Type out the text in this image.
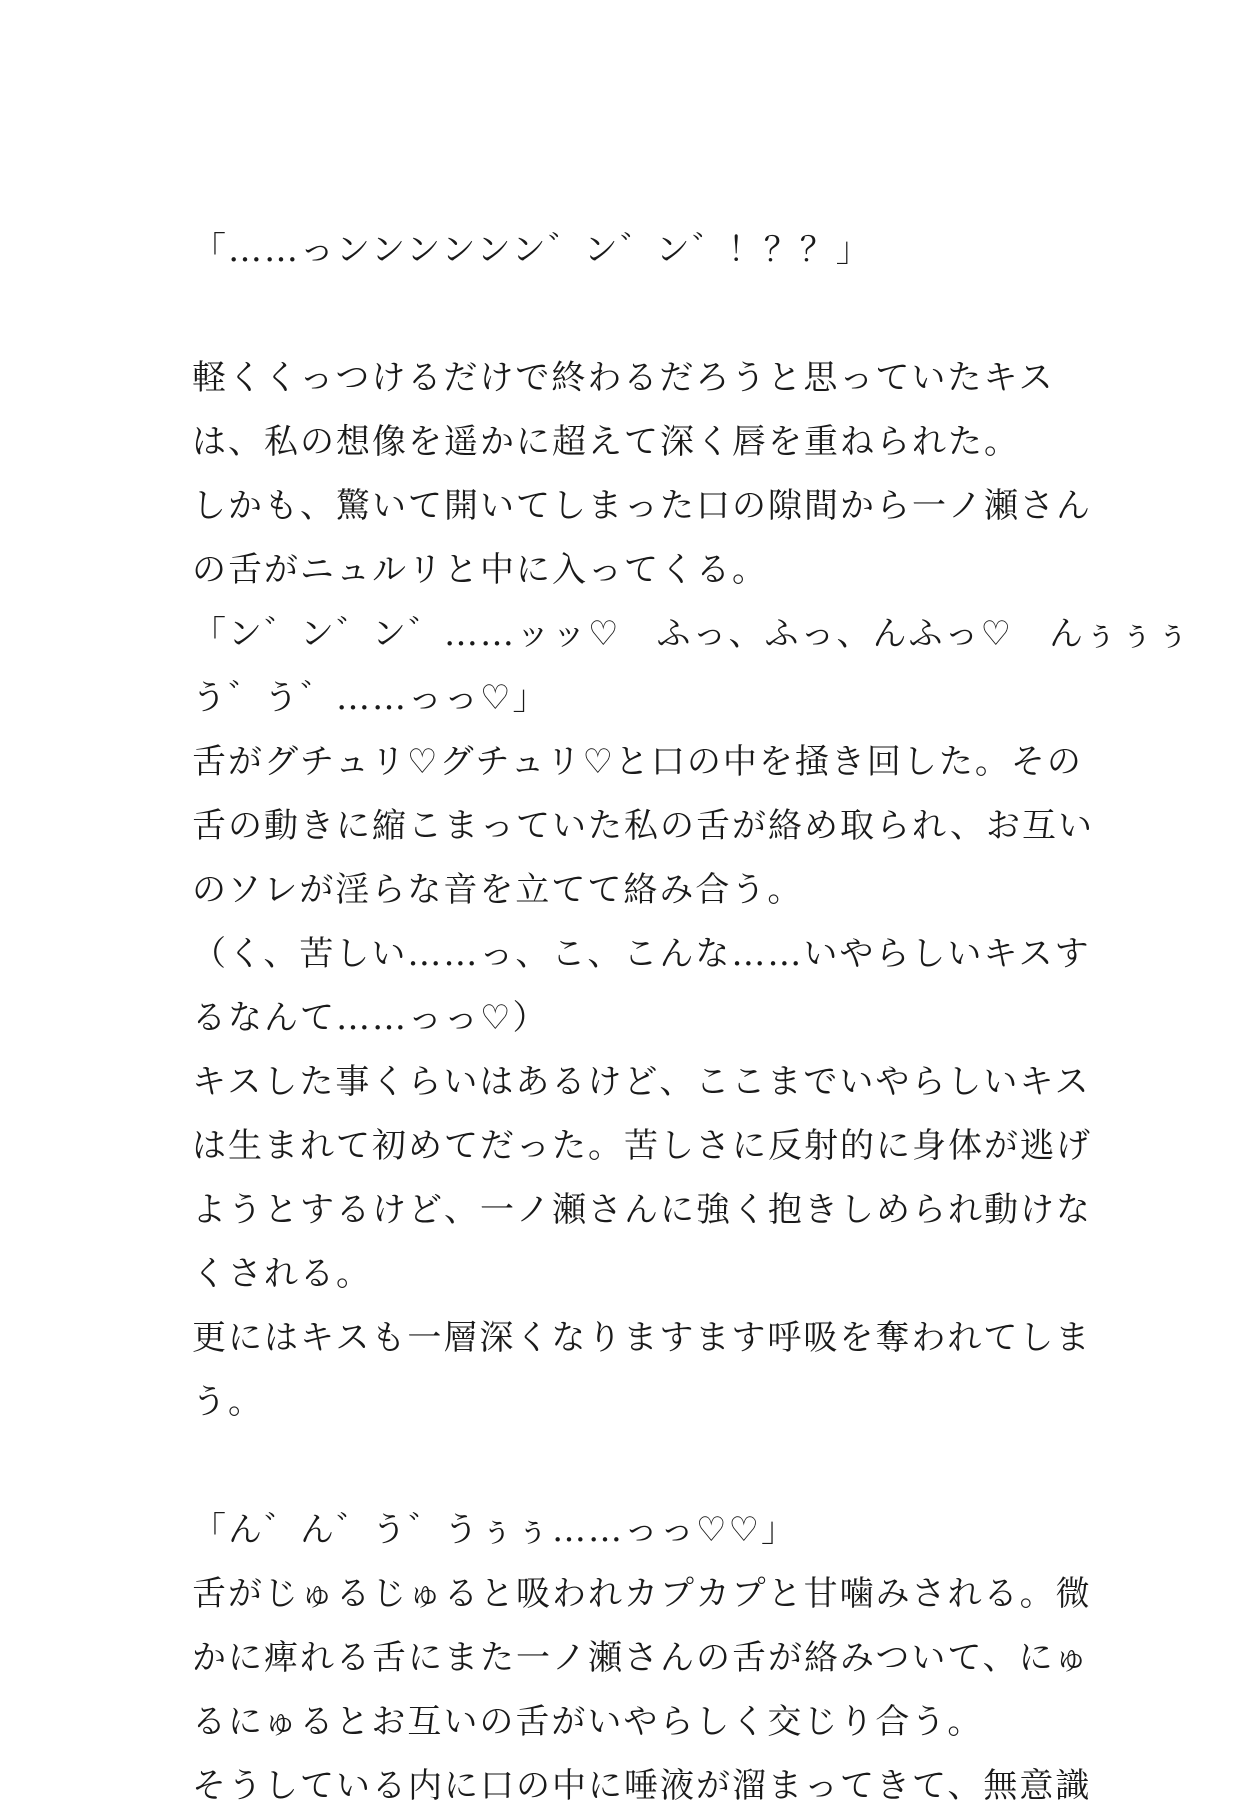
「……っンンンンンン゛ン゛ン゛！？？」
軽くくっつけるだけで終わるだろうと思っていたキス
は、私の想像を遥かに超えて深く唇を重ねられた。
しかも、驚いて開いてしまった口の隙間から一ノ瀬さん
の舌がニュルリと中に入ってくる。
「ン゛ン゛ン゛……ッッ♡　ふっ、ふっ、んふっ♡　んぅぅぅ
う゛う゛……っっ♡」
舌がグチュリ♡グチュリ♡と口の中を掻き回した。その
舌の動きに縮こまっていた私の舌が絡め取られ、お互い
のソレが淫らな音を立てて絡み合う。
（く、苦しい……っ、こ、こんな……いやらしいキスす
るなんて……っっ♡）
キスした事くらいはあるけど、ここまでいやらしいキス
は生まれて初めてだった。苦しさに反射的に身体が逃げ
ようとするけど、一ノ瀬さんに強く抱きしめられ動けな
くされる。
更にはキスも一層深くなりますます呼吸を奪われてしま
う。
「ん゛ん゛う゛うぅぅ……っっ♡♡」
舌がじゅるじゅると吸われカプカプと甘噛みされる。微
かに痺れる舌にまた一ノ瀬さんの舌が絡みついて、にゅ
るにゅるとお互いの舌がいやらしく交じり合う。
そうしている内に口の中に唾液が溜まってきて、無意識
